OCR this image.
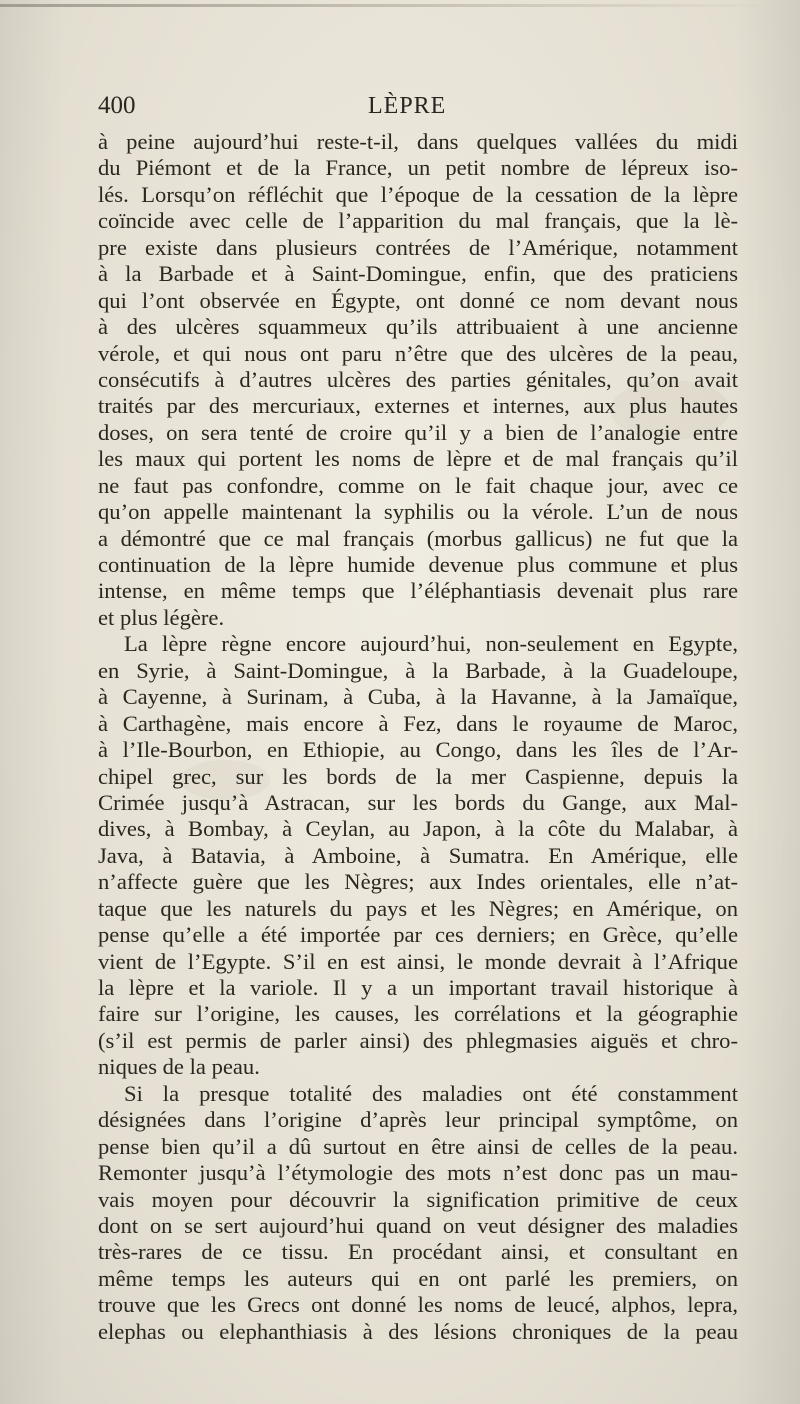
400	LÈPRE
à peine aujourd’hui reste-t-il, dans quelques vallées du midi
du Piémont et de la France, un petit nombre de lépreux iso-
lés. Lorsqu’on réfléchit que l’époque de la cessation de la lèpre
coïncide avec celle de l’apparition du mal français, que la lè-
pre existe dans plusieurs contrées de l’Amérique, notamment
à la Barbade et à Saint-Domingue, enfin, que des praticiens
qui l’ont observée en Égypte, ont donné ce nom devant nous
à des ulcères squammeux qu’ils attribuaient à une ancienne
vérole, et qui nous ont paru n’être que des ulcères de la peau,
consécutifs à d’autres ulcères des parties génitales, qu’on avait
traités par des mercuriaux, externes et internes, aux plus hautes
doses, on sera tenté de croire qu’il y a bien de l’analogie entre
les maux qui portent les noms de lèpre et de mal français qu’il
ne faut pas confondre, comme on le fait chaque jour, avec ce
qu’on appelle maintenant la syphilis ou la vérole. L’un de nous
a démontré que ce mal français (morbus gallicus) ne fut que la
continuation de la lèpre humide devenue plus commune et plus
intense, en même temps que l’éléphantiasis devenait plus rare
et plus légère.
La lèpre règne encore aujourd’hui, non-seulement en Egypte,
en Syrie, à Saint-Domingue, à la Barbade, à la Guadeloupe,
à Cayenne, à Surinam, à Cuba, à la Havanne, à la Jamaïque,
à Carthagène, mais encore à Fez, dans le royaume de Maroc,
à l’Ile-Bourbon, en Ethiopie, au Congo, dans les îles de l’Ar-
chipel grec, sur les bords de la mer Caspienne, depuis la
Crimée jusqu’à Astracan, sur les bords du Gange, aux Mal-
dives, à Bombay, à Ceylan, au Japon, à la côte du Malabar, à
Java, à Batavia, à Amboine, à Sumatra. En Amérique, elle
n’affecte guère que les Nègres; aux Indes orientales, elle n’at-
taque que les naturels du pays et les Nègres; en Amérique, on
pense qu’elle a été importée par ces derniers; en Grèce, qu’elle
vient de l’Egypte. S’il en est ainsi, le monde devrait à l’Afrique
la lèpre et la variole. Il y a un important travail historique à
faire sur l’origine, les causes, les corrélations et la géographie
(s’il est permis de parler ainsi) des phlegmasies aiguës et chro-
niques de la peau.
Si la presque totalité des maladies ont été constamment
désignées dans l’origine d’après leur principal symptôme, on
pense bien qu’il a dû surtout en être ainsi de celles de la peau.
Remonter jusqu’à l’étymologie des mots n’est donc pas un mau-
vais moyen pour découvrir la signification primitive de ceux
dont on se sert aujourd’hui quand on veut désigner des maladies
très-rares de ce tissu. En procédant ainsi, et consultant en
même temps les auteurs qui en ont parlé les premiers, on
trouve que les Grecs ont donné les noms de leucé, alphos, lepra,
elephas ou elephanthiasis à des lésions chroniques de la peau
